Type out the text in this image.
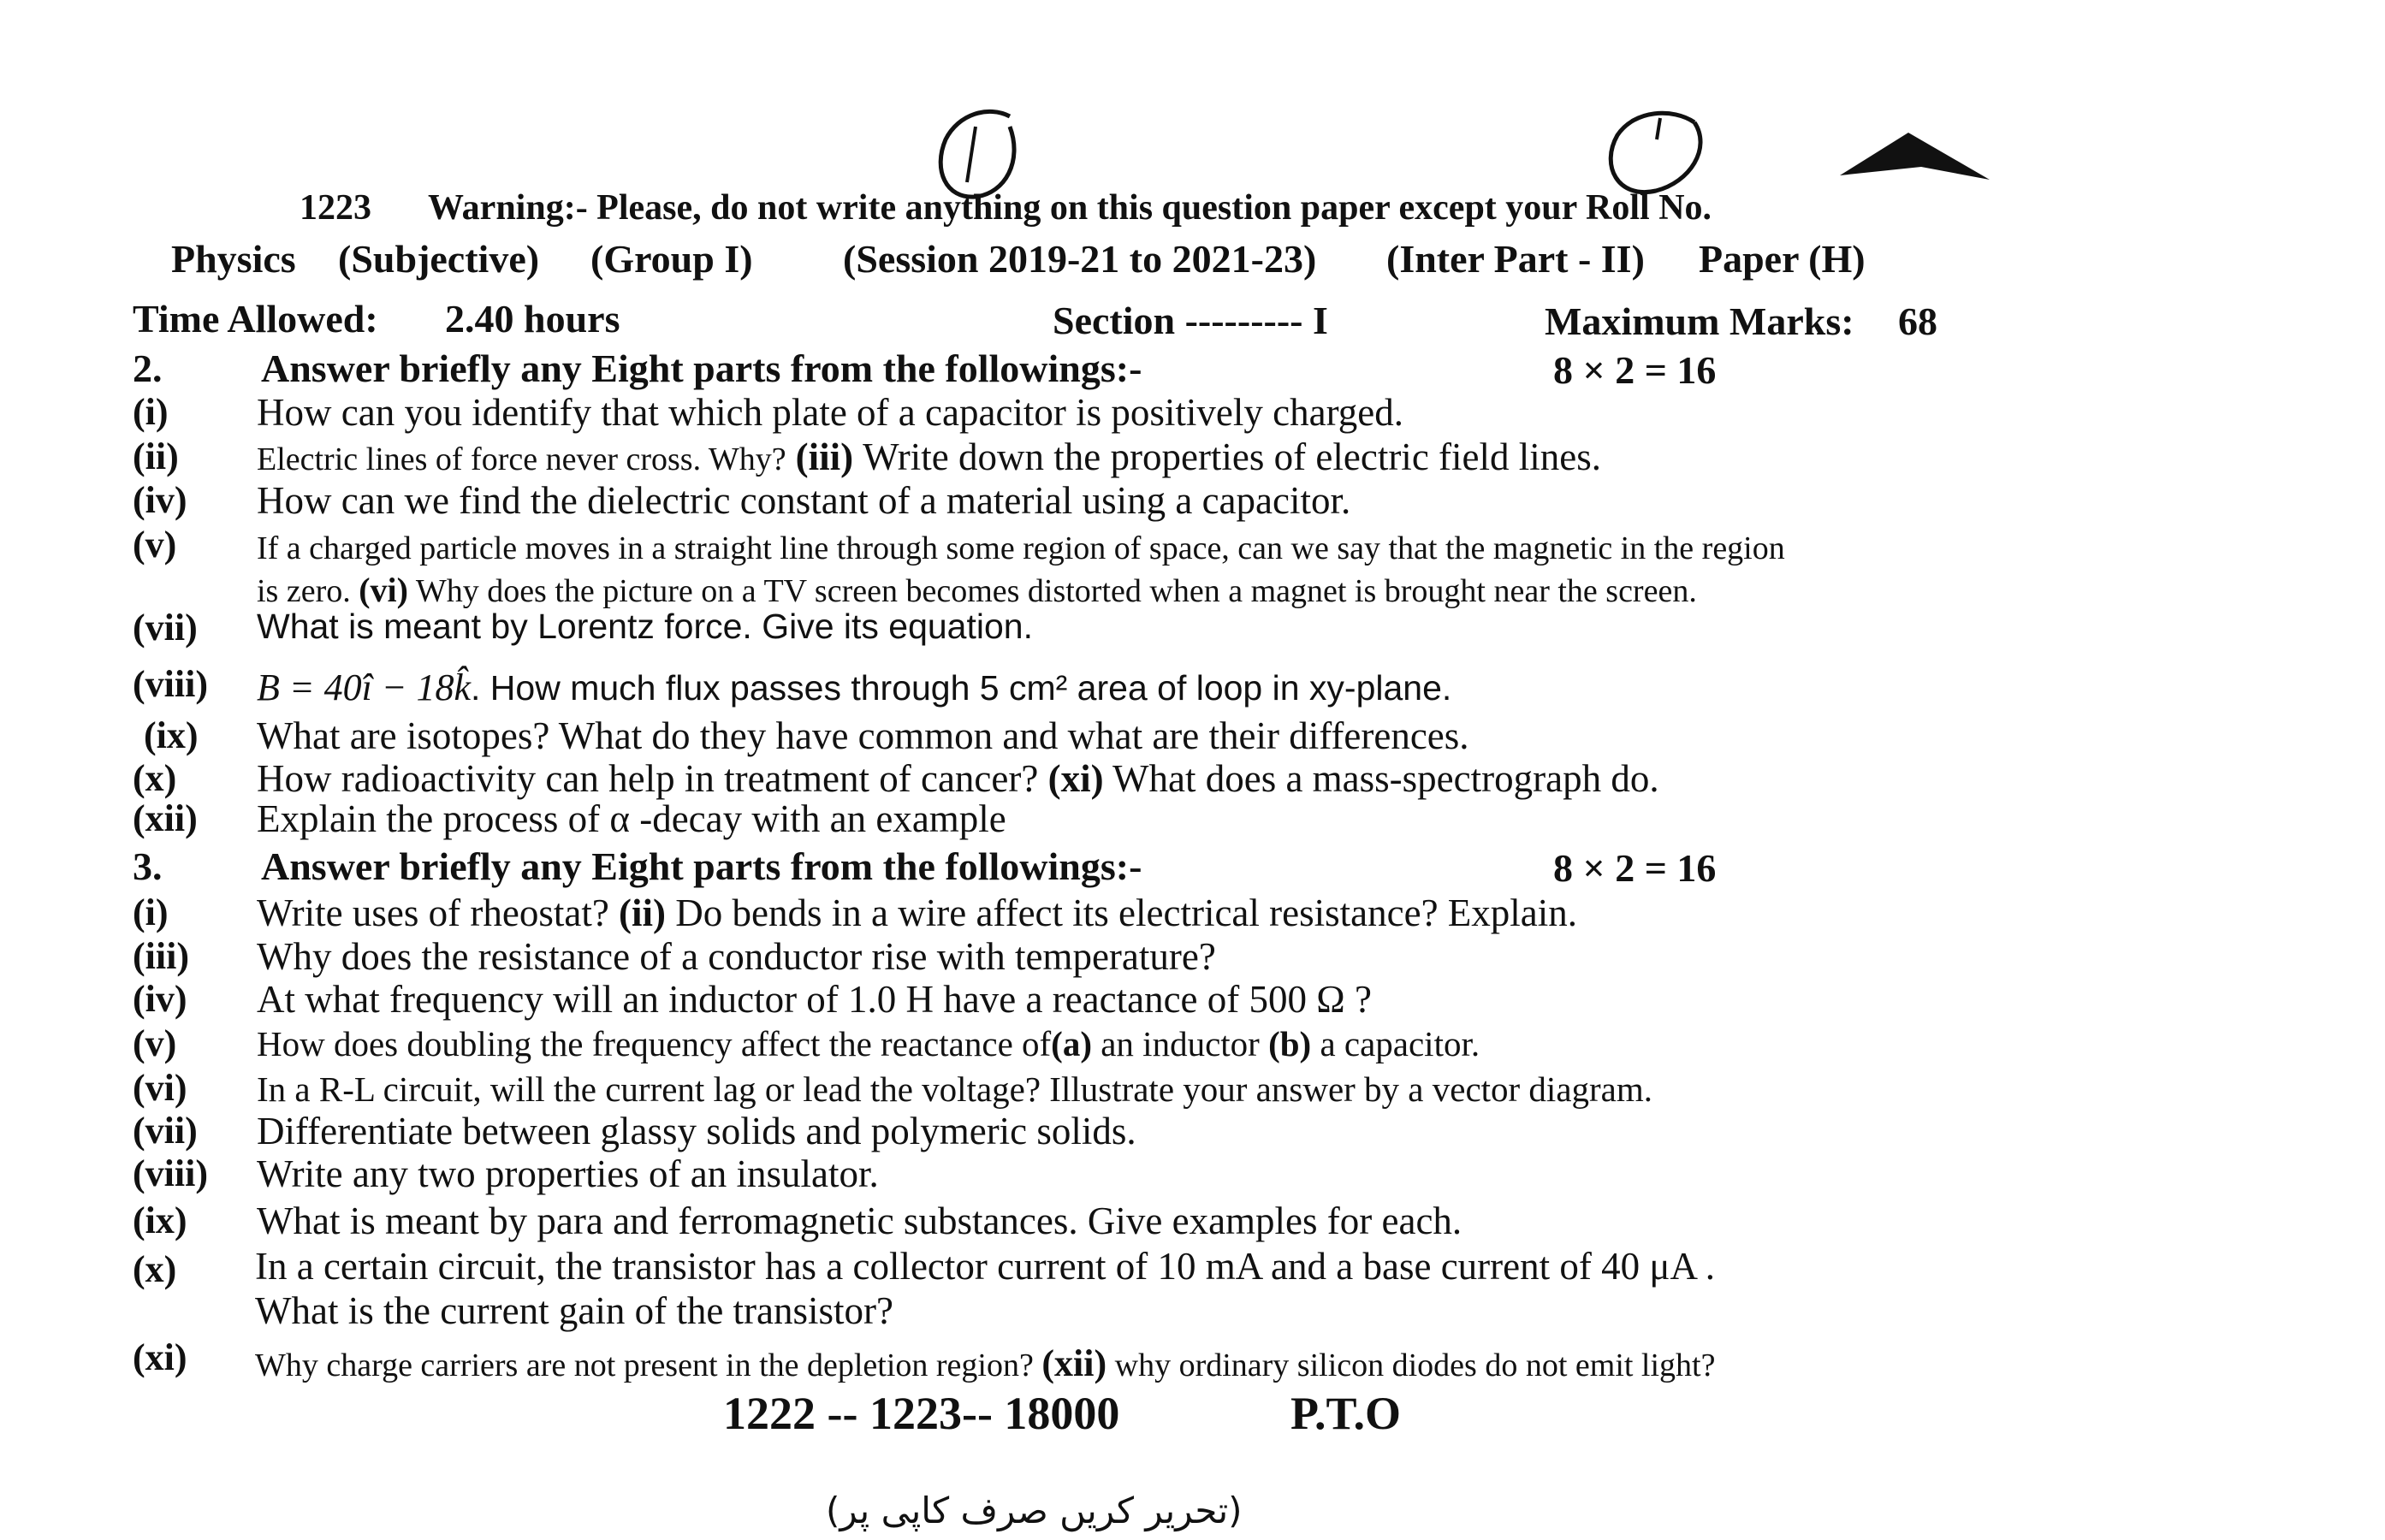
1223 Warning:- Please, do not write anything on this question paper except your Roll No.
Physics (Subjective) (Group I) (Session 2019-21 to 2021-23) (Inter Part - II) Paper (H)
Time Allowed: 2.40 hours	Section --------- I	Maximum Marks: 68
2.	Answer briefly any Eight parts from the followings:-	8 × 2 = 16
(i) How can you identify that which plate of a capacitor is positively charged.
(ii) Electric lines of force never cross. Why? (iii) Write down the properties of electric field lines.
(iv) How can we find the dielectric constant of a material using a capacitor.
(v) If a charged particle moves in a straight line through some region of space, can we say that the magnetic in the region
is zero. (vi) Why does the picture on a TV screen becomes distorted when a magnet is brought near the screen.
(vii) What is meant by Lorentz force. Give its equation.
(viii) B = 40î − 18k̂. How much flux passes through 5 cm² area of loop in xy-plane.
(ix) What are isotopes? What do they have common and what are their differences.
(x) How radioactivity can help in treatment of cancer? (xi) What does a mass-spectrograph do.
(xii) Explain the process of α -decay with an example
3.	Answer briefly any Eight parts from the followings:-	8 × 2 = 16
(i) Write uses of rheostat? (ii) Do bends in a wire affect its electrical resistance? Explain.
(iii) Why does the resistance of a conductor rise with temperature?
(iv) At what frequency will an inductor of 1.0 H have a reactance of 500 Ω ?
(v) How does doubling the frequency affect the reactance of(a) an inductor (b) a capacitor.
(vi) In a R-L circuit, will the current lag or lead the voltage? Illustrate your answer by a vector diagram.
(vii) Differentiate between glassy solids and polymeric solids.
(viii) Write any two properties of an insulator.
(ix) What is meant by para and ferromagnetic substances. Give examples for each.
(x) In a certain circuit, the transistor has a collector current of 10 mA and a base current of 40 μA .
What is the current gain of the transistor?
(xi) Why charge carriers are not present in the depletion region? (xii) why ordinary silicon diodes do not emit light?
1222 -- 1223-- 18000	P.T.O
(تحریر کریں صرف کاپی پر)
